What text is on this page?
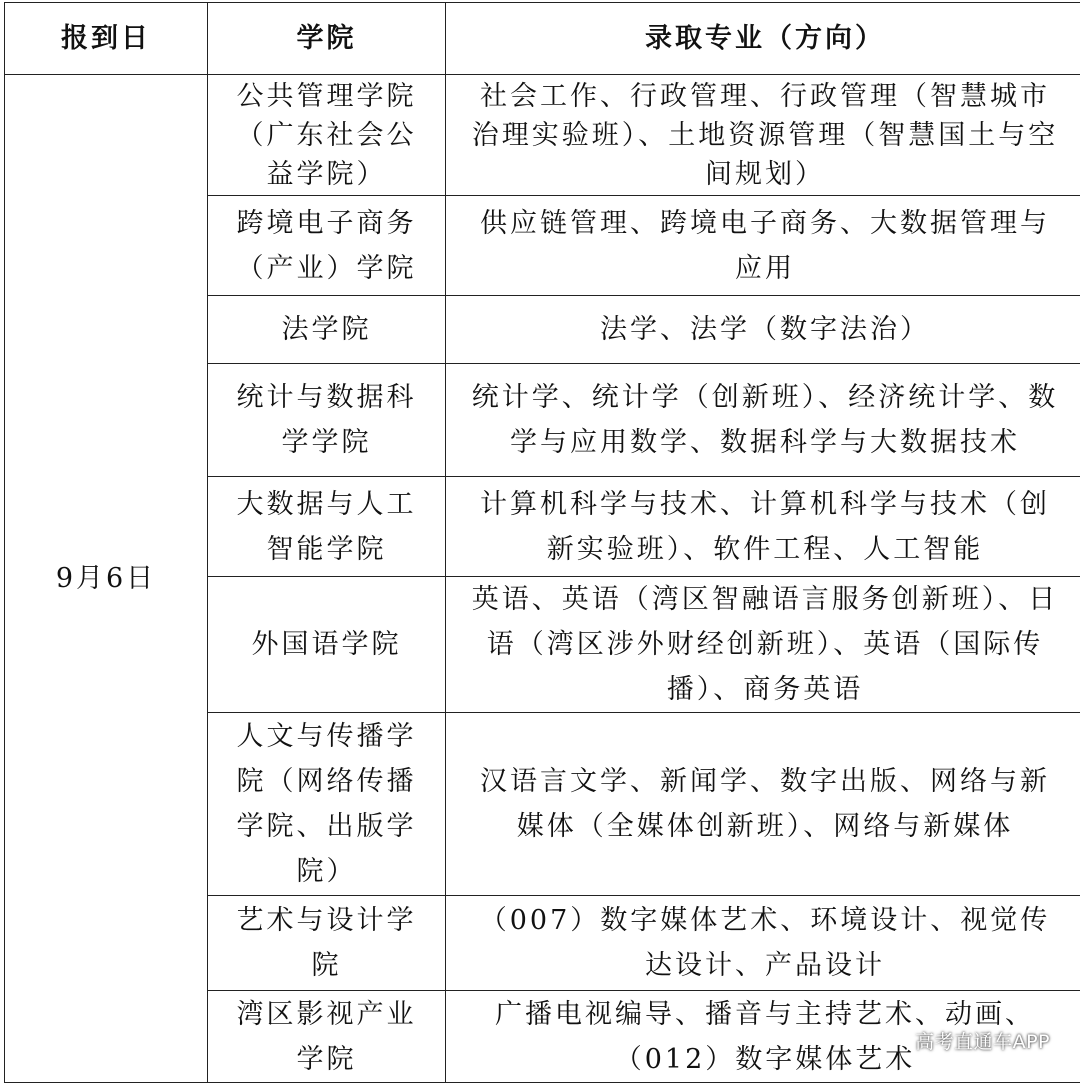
报到日	学院	录取专业（方向）
9月6日	公共管理学院（广东社会公益学院）	社会工作、行政管理、行政管理（智慧城市治理实验班）、土地资源管理（智慧国土与空间规划）
	跨境电子商务（产业）学院	供应链管理、跨境电子商务、大数据管理与应用
	法学院	法学、法学（数字法治）
	统计与数据科学学院	统计学、统计学（创新班）、经济统计学、数学与应用数学、数据科学与大数据技术
	大数据与人工智能学院	计算机科学与技术、计算机科学与技术（创新实验班）、软件工程、人工智能
	外国语学院	英语、英语（湾区智融语言服务创新班）、日语（湾区涉外财经创新班）、英语（国际传播）、商务英语
	人文与传播学院（网络传播学院、出版学院）	汉语言文学、新闻学、数字出版、网络与新媒体（全媒体创新班）、网络与新媒体
	艺术与设计学院	（007）数字媒体艺术、环境设计、视觉传达设计、产品设计
	湾区影视产业学院	广播电视编导、播音与主持艺术、动画、（012）数字媒体艺术
高考直通车APP
